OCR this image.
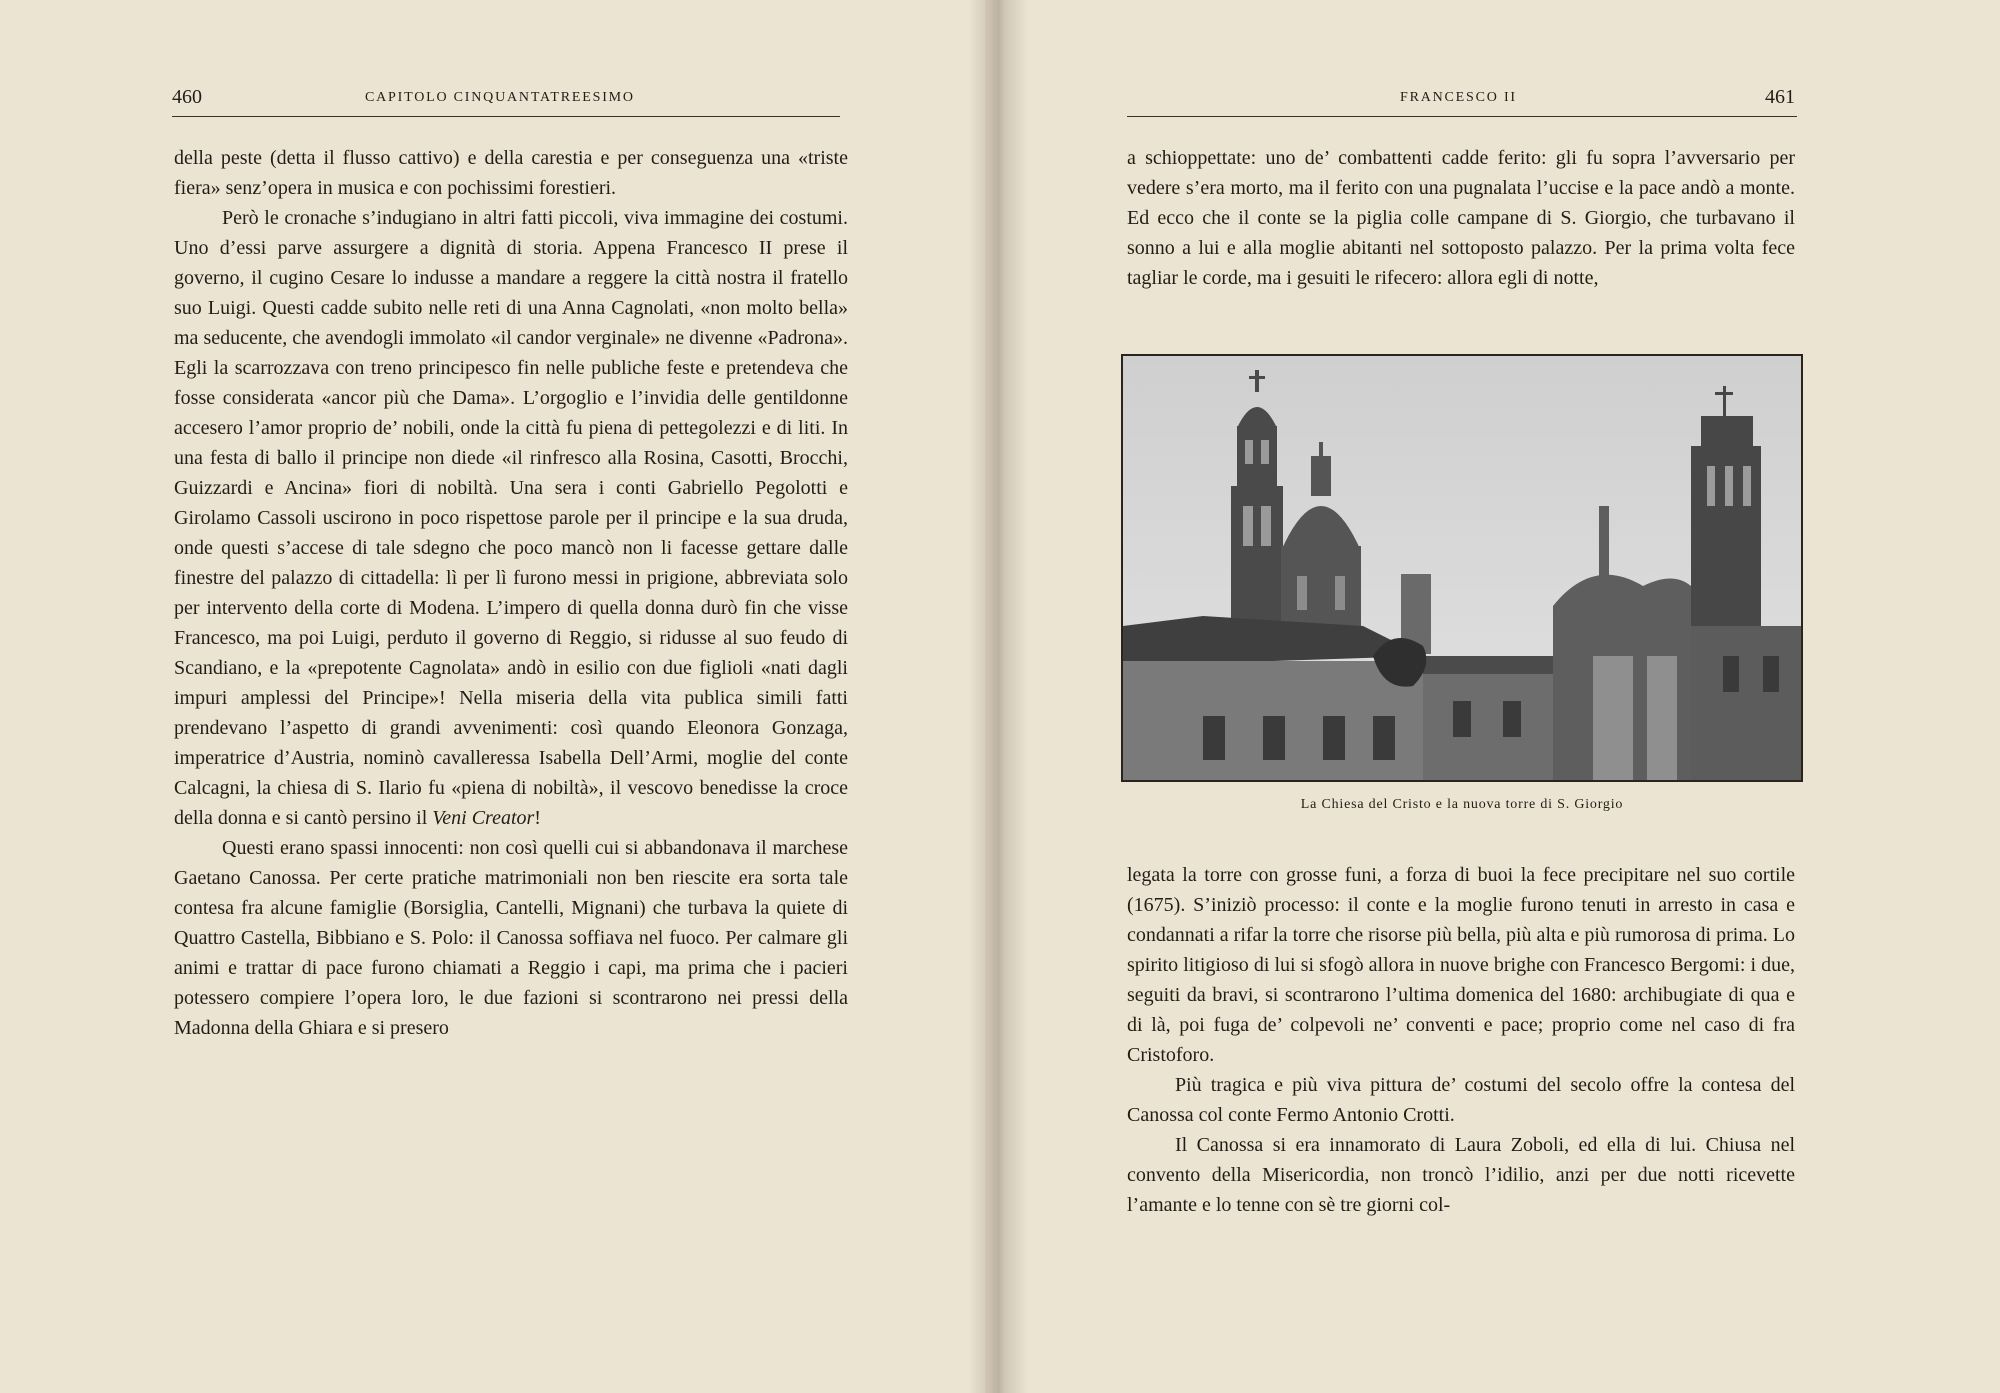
460	CAPITOLO CINQUANTATREESIMO

della peste (detta il flusso cattivo) e della carestia e per conseguenza una «triste fiera» senz’opera in musica e con pochissimi forestieri.

Però le cronache s’indugiano in altri fatti piccoli, viva immagine dei costumi. Uno d’essi parve assurgere a dignità di storia. Appena Francesco II prese il governo, il cugino Cesare lo indusse a mandare a reggere la città nostra il fratello suo Luigi. Questi cadde subito nelle reti di una Anna Cagnolati, «non molto bella» ma seducente, che avendogli immolato «il candor verginale» ne divenne «Padrona». Egli la scarrozzava con treno principesco fin nelle publiche feste e pretendeva che fosse considerata «ancor più che Dama». L’orgoglio e l’invidia delle gentildonne accesero l’amor proprio de’ nobili, onde la città fu piena di pettegolezzi e di liti. In una festa di ballo il principe non diede «il rinfresco alla Rosina, Casotti, Brocchi, Guizzardi e Ancina» fiori di nobiltà. Una sera i conti Gabriello Pegolotti e Girolamo Cassoli uscirono in poco rispettose parole per il principe e la sua druda, onde questi s’accese di tale sdegno che poco mancò non li facesse gettare dalle finestre del palazzo di cittadella: lì per lì furono messi in prigione, abbreviata solo per intervento della corte di Modena. L’impero di quella donna durò fin che visse Francesco, ma poi Luigi, perduto il governo di Reggio, si ridusse al suo feudo di Scandiano, e la «prepotente Cagnolata» andò in esilio con due figlioli «nati dagli impuri amplessi del Principe»! Nella miseria della vita publica simili fatti prendevano l’aspetto di grandi avvenimenti: così quando Eleonora Gonzaga, imperatrice d’Austria, nominò cavalleressa Isabella Dell’Armi, moglie del conte Calcagni, la chiesa di S. Ilario fu «piena di nobiltà», il vescovo benedisse la croce della donna e si cantò persino il Veni Creator!

Questi erano spassi innocenti: non così quelli cui si abbandonava il marchese Gaetano Canossa. Per certe pratiche matrimoniali non ben riescite era sorta tale contesa fra alcune famiglie (Borsiglia, Cantelli, Mignani) che turbava la quiete di Quattro Castella, Bibbiano e S. Polo: il Canossa soffiava nel fuoco. Per calmare gli animi e trattar di pace furono chiamati a Reggio i capi, ma prima che i pacieri potessero compiere l’opera loro, le due fazioni si scontrarono nei pressi della Madonna della Ghiara e si presero

FRANCESCO II	461

a schioppettate: uno de’ combattenti cadde ferito: gli fu sopra l’avversario per vedere s’era morto, ma il ferito con una pugnalata l’uccise e la pace andò a monte. Ed ecco che il conte se la piglia colle campane di S. Giorgio, che turbavano il sonno a lui e alla moglie abitanti nel sottoposto palazzo. Per la prima volta fece tagliar le corde, ma i gesuiti le rifecero: allora egli di notte,

La Chiesa del Cristo e la nuova torre di S. Giorgio

legata la torre con grosse funi, a forza di buoi la fece precipitare nel suo cortile (1675). S’iniziò processo: il conte e la moglie furono tenuti in arresto in casa e condannati a rifar la torre che risorse più bella, più alta e più rumorosa di prima. Lo spirito litigioso di lui si sfogò allora in nuove brighe con Francesco Bergomi: i due, seguiti da bravi, si scontrarono l’ultima domenica del 1680: archibugiate di qua e di là, poi fuga de’ colpevoli ne’ conventi e pace; proprio come nel caso di fra Cristoforo.

Più tragica e più viva pittura de’ costumi del secolo offre la contesa del Canossa col conte Fermo Antonio Crotti.

Il Canossa si era innamorato di Laura Zoboli, ed ella di lui. Chiusa nel convento della Misericordia, non troncò l’idilio, anzi per due notti ricevette l’amante e lo tenne con sè tre giorni col-
